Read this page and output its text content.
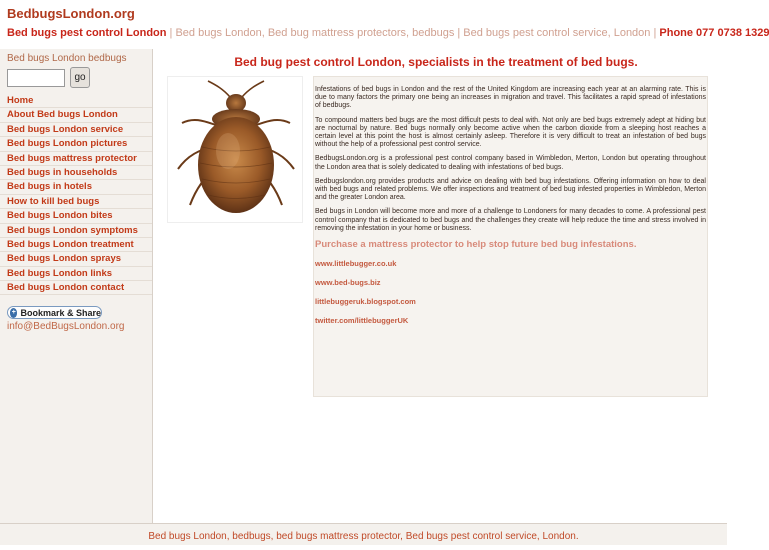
BedbugsLondon.org
Bed bugs pest control London | Bed bugs London, Bed bug mattress protectors, bedbugs | Bed bugs pest control service, London | Phone 077 0738 1329
Bed bugs London bedbugs
go
Home
About Bed bugs London
Bed bugs London service
Bed bugs London pictures
Bed bugs mattress protector
Bed bugs in households
Bed bugs in hotels
How to kill bed bugs
Bed bugs London bites
Bed bugs London symptoms
Bed bugs London treatment
Bed bugs London sprays
Bed bugs London links
Bed bugs London contact
+ Bookmark & Share
info@BedBugsLondon.org
Bed bug pest control London, specialists in the treatment of bed bugs.

Infestations of bed bugs in London and the rest of the United Kingdom are increasing each year at an alarming rate. This is due to many factors the primary one being an increases in migration and travel. This facilitates a rapid spread of infestations of bedbugs.

To compound matters bed bugs are the most difficult pests to deal with. Not only are bed bugs extremely adept at hiding but are nocturnal by nature. Bed bugs normally only become active when the carbon dioxide from a sleeping host reaches a certain level at this point the host is almost certainly asleep. Therefore it is very difficult to treat an infestation of bed bugs without the help of a professional pest control service.

BedbugsLondon.org is a professional pest control company based in Wimbledon, Merton, London but operating throughout the London area that is solely dedicated to dealing with infestations of bed bugs.

Bedbugslondon.org provides products and advice on dealing with bed bug infestations. Offering information on how to deal with bed bugs and related problems. We offer inspections and treatment of bed bug infested properties in Wimbledon, Merton and the greater London area.

Bed bugs in London will become more and more of a challenge to Londoners for many decades to come. A professional pest control company that is dedicated to bed bugs and the challenges they create will help reduce the time and stress involved in removing the infestation in your home or business.

Purchase a mattress protector to help stop future bed bug infestations.
www.littlebugger.co.uk
www.bed-bugs.biz
littlebuggeruk.blogspot.com
twitter.com/littlebuggerUK
Bed bugs London, bedbugs, bed bugs mattress protector, Bed bugs pest control service, London.
